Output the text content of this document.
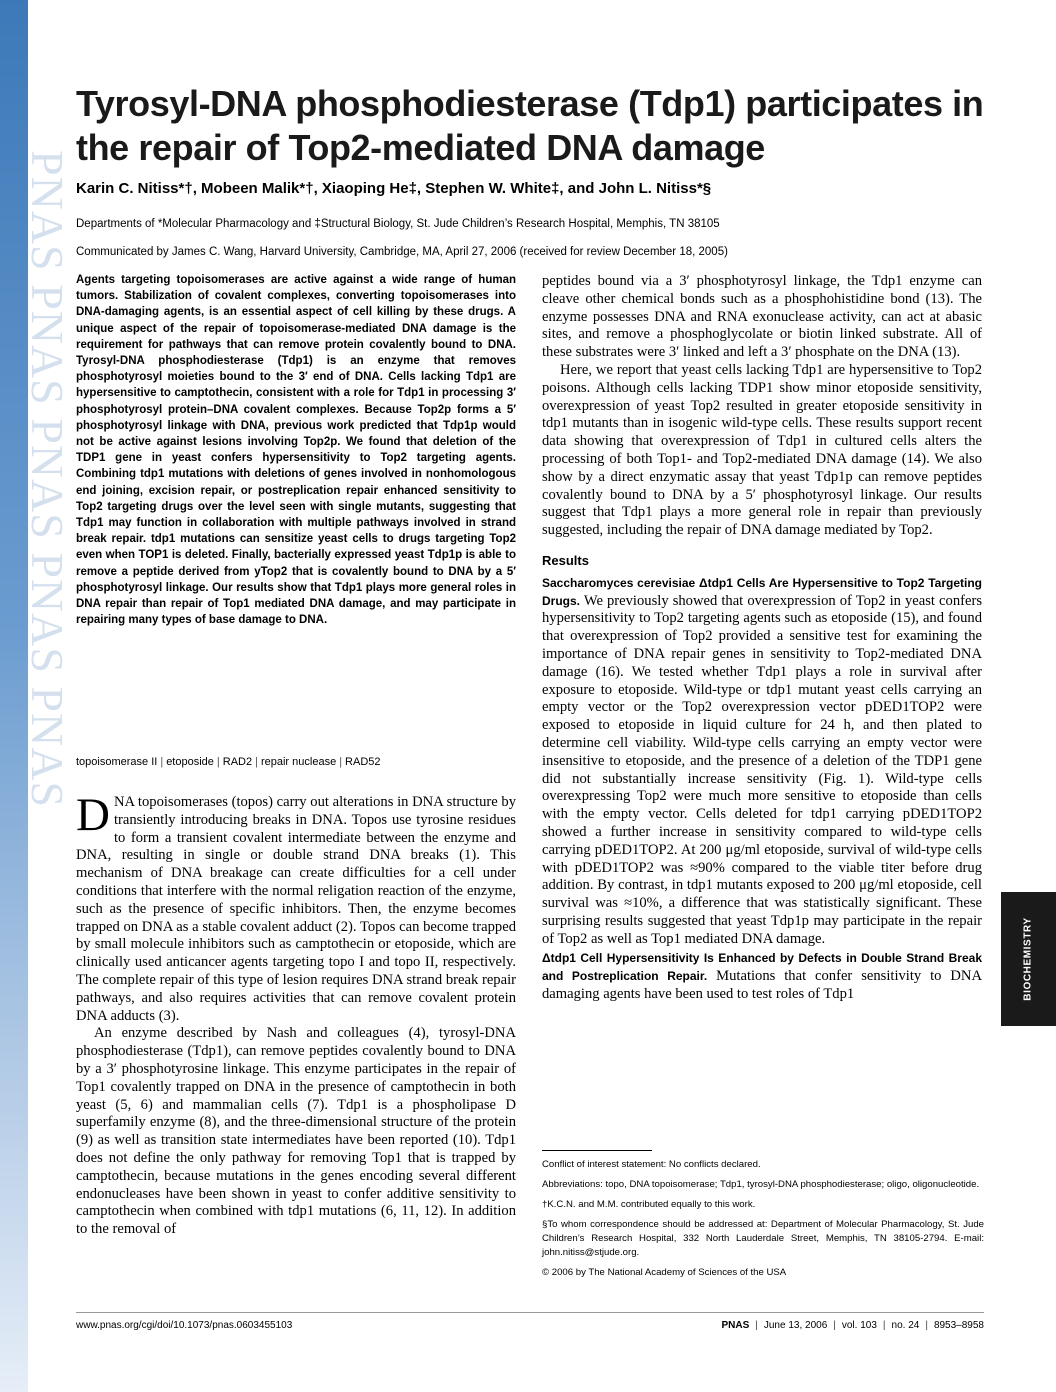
PNAS PNAS PNAS PNAS PNAS
Tyrosyl-DNA phosphodiesterase (Tdp1) participates in the repair of Top2-mediated DNA damage
Karin C. Nitiss*†, Mobeen Malik*†, Xiaoping He‡, Stephen W. White‡, and John L. Nitiss*§
Departments of *Molecular Pharmacology and ‡Structural Biology, St. Jude Children’s Research Hospital, Memphis, TN 38105
Communicated by James C. Wang, Harvard University, Cambridge, MA, April 27, 2006 (received for review December 18, 2005)

Agents targeting topoisomerases are active against a wide range of human tumors. Stabilization of covalent complexes, converting topoisomerases into DNA-damaging agents, is an essential aspect of cell killing by these drugs. A unique aspect of the repair of topoisomerase-mediated DNA damage is the requirement for pathways that can remove protein covalently bound to DNA. Tyrosyl-DNA phosphodiesterase (Tdp1) is an enzyme that removes phosphotyrosyl moieties bound to the 3′ end of DNA. Cells lacking Tdp1 are hypersensitive to camptothecin, consistent with a role for Tdp1 in processing 3′ phosphotyrosyl protein–DNA covalent complexes. Because Top2p forms a 5′ phosphotyrosyl linkage with DNA, previous work predicted that Tdp1p would not be active against lesions involving Top2p. We found that deletion of the TDP1 gene in yeast confers hypersensitivity to Top2 targeting agents. Combining tdp1 mutations with deletions of genes involved in nonhomologous end joining, excision repair, or postreplication repair enhanced sensitivity to Top2 targeting drugs over the level seen with single mutants, suggesting that Tdp1 may function in collaboration with multiple pathways involved in strand break repair. tdp1 mutations can sensitize yeast cells to drugs targeting Top2 even when TOP1 is deleted. Finally, bacterially expressed yeast Tdp1p is able to remove a peptide derived from yTop2 that is covalently bound to DNA by a 5′ phosphotyrosyl linkage. Our results show that Tdp1 plays more general roles in DNA repair than repair of Top1 mediated DNA damage, and may participate in repairing many types of base damage to DNA.

topoisomerase II | etoposide | RAD2 | repair nuclease | RAD52

DNA topoisomerases (topos) carry out alterations in DNA structure by transiently introducing breaks in DNA. Topos use tyrosine residues to form a transient covalent intermediate between the enzyme and DNA, resulting in single or double strand DNA breaks (1). This mechanism of DNA breakage can create difficulties for a cell under conditions that interfere with the normal religation reaction of the enzyme, such as the presence of specific inhibitors. Then, the enzyme becomes trapped on DNA as a stable covalent adduct (2). Topos can become trapped by small molecule inhibitors such as camptothecin or etoposide, which are clinically used anticancer agents targeting topo I and topo II, respectively. The complete repair of this type of lesion requires DNA strand break repair pathways, and also requires activities that can remove covalent protein DNA adducts (3).

An enzyme described by Nash and colleagues (4), tyrosyl-DNA phosphodiesterase (Tdp1), can remove peptides covalently bound to DNA by a 3′ phosphotyrosine linkage. This enzyme participates in the repair of Top1 covalently trapped on DNA in the presence of camptothecin in both yeast (5, 6) and mammalian cells (7). Tdp1 is a phospholipase D superfamily enzyme (8), and the three-dimensional structure of the protein (9) as well as transition state intermediates have been reported (10). Tdp1 does not define the only pathway for removing Top1 that is trapped by camptothecin, because mutations in the genes encoding several different endonucleases have been shown in yeast to confer additive sensitivity to camptothecin when combined with tdp1 mutations (6, 11, 12). In addition to the removal of

peptides bound via a 3′ phosphotyrosyl linkage, the Tdp1 enzyme can cleave other chemical bonds such as a phosphohistidine bond (13). The enzyme possesses DNA and RNA exonuclease activity, can act at abasic sites, and remove a phosphoglycolate or biotin linked substrate. All of these substrates were 3′ linked and left a 3′ phosphate on the DNA (13).

Here, we report that yeast cells lacking Tdp1 are hypersensitive to Top2 poisons. Although cells lacking TDP1 show minor etoposide sensitivity, overexpression of yeast Top2 resulted in greater etoposide sensitivity in tdp1 mutants than in isogenic wild-type cells. These results support recent data showing that overexpression of Tdp1 in cultured cells alters the processing of both Top1- and Top2-mediated DNA damage (14). We also show by a direct enzymatic assay that yeast Tdp1p can remove peptides covalently bound to DNA by a 5′ phosphotyrosyl linkage. Our results suggest that Tdp1 plays a more general role in repair than previously suggested, including the repair of DNA damage mediated by Top2.

Results

Saccharomyces cerevisiae Δtdp1 Cells Are Hypersensitive to Top2 Targeting Drugs. We previously showed that overexpression of Top2 in yeast confers hypersensitivity to Top2 targeting agents such as etoposide (15), and found that overexpression of Top2 provided a sensitive test for examining the importance of DNA repair genes in sensitivity to Top2-mediated DNA damage (16). We tested whether Tdp1 plays a role in survival after exposure to etoposide. Wild-type or tdp1 mutant yeast cells carrying an empty vector or the Top2 overexpression vector pDED1TOP2 were exposed to etoposide in liquid culture for 24 h, and then plated to determine cell viability. Wild-type cells carrying an empty vector were insensitive to etoposide, and the presence of a deletion of the TDP1 gene did not substantially increase sensitivity (Fig. 1). Wild-type cells overexpressing Top2 were much more sensitive to etoposide than cells with the empty vector. Cells deleted for tdp1 carrying pDED1TOP2 showed a further increase in sensitivity compared to wild-type cells carrying pDED1TOP2. At 200 μg/ml etoposide, survival of wild-type cells with pDED1TOP2 was ≈90% compared to the viable titer before drug addition. By contrast, in tdp1 mutants exposed to 200 μg/ml etoposide, cell survival was ≈10%, a difference that was statistically significant. These surprising results suggested that yeast Tdp1p may participate in the repair of Top2 as well as Top1 mediated DNA damage.

Δtdp1 Cell Hypersensitivity Is Enhanced by Defects in Double Strand Break and Postreplication Repair. Mutations that confer sensitivity to DNA damaging agents have been used to test roles of Tdp1

Conflict of interest statement: No conflicts declared.

Abbreviations: topo, DNA topoisomerase; Tdp1, tyrosyl-DNA phosphodiesterase; oligo, oligonucleotide.

†K.C.N. and M.M. contributed equally to this work.

§To whom correspondence should be addressed at: Department of Molecular Pharmacology, St. Jude Children’s Research Hospital, 332 North Lauderdale Street, Memphis, TN 38105-2794. E-mail: john.nitiss@stjude.org.

© 2006 by The National Academy of Sciences of the USA

www.pnas.org/cgi/doi/10.1073/pnas.0603455103	PNAS | June 13, 2006 | vol. 103 | no. 24 | 8953–8958
BIOCHEMISTRY
